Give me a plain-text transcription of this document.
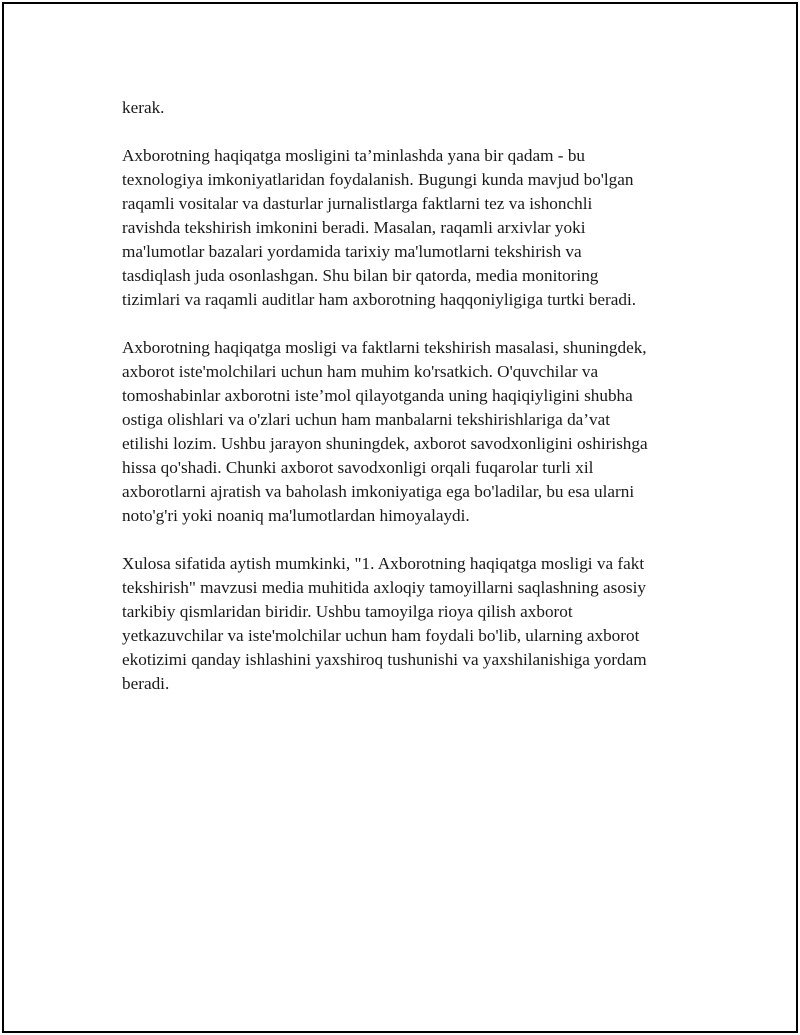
kerak.

Axborotning haqiqatga mosligini ta’minlashda yana bir qadam - bu
texnologiya imkoniyatlaridan foydalanish. Bugungi kunda mavjud bo'lgan
raqamli vositalar va dasturlar jurnalistlarga faktlarni tez va ishonchli
ravishda tekshirish imkonini beradi. Masalan, raqamli arxivlar yoki
ma'lumotlar bazalari yordamida tarixiy ma'lumotlarni tekshirish va
tasdiqlash juda osonlashgan. Shu bilan bir qatorda, media monitoring
tizimlari va raqamli auditlar ham axborotning haqqoniyligiga turtki beradi.

Axborotning haqiqatga mosligi va faktlarni tekshirish masalasi, shuningdek,
axborot iste'molchilari uchun ham muhim ko'rsatkich. O'quvchilar va
tomoshabinlar axborotni iste’mol qilayotganda uning haqiqiyligini shubha
ostiga olishlari va o'zlari uchun ham manbalarni tekshirishlariga da’vat
etilishi lozim. Ushbu jarayon shuningdek, axborot savodxonligini oshirishga
hissa qo'shadi. Chunki axborot savodxonligi orqali fuqarolar turli xil
axborotlarni ajratish va baholash imkoniyatiga ega bo'ladilar, bu esa ularni
noto'g'ri yoki noaniq ma'lumotlardan himoyalaydi.

Xulosa sifatida aytish mumkinki, "1. Axborotning haqiqatga mosligi va fakt
tekshirish" mavzusi media muhitida axloqiy tamoyillarni saqlashning asosiy
tarkibiy qismlaridan biridir. Ushbu tamoyilga rioya qilish axborot
yetkazuvchilar va iste'molchilar uchun ham foydali bo'lib, ularning axborot
ekotizimi qanday ishlashini yaxshiroq tushunishi va yaxshilanishiga yordam
beradi.
